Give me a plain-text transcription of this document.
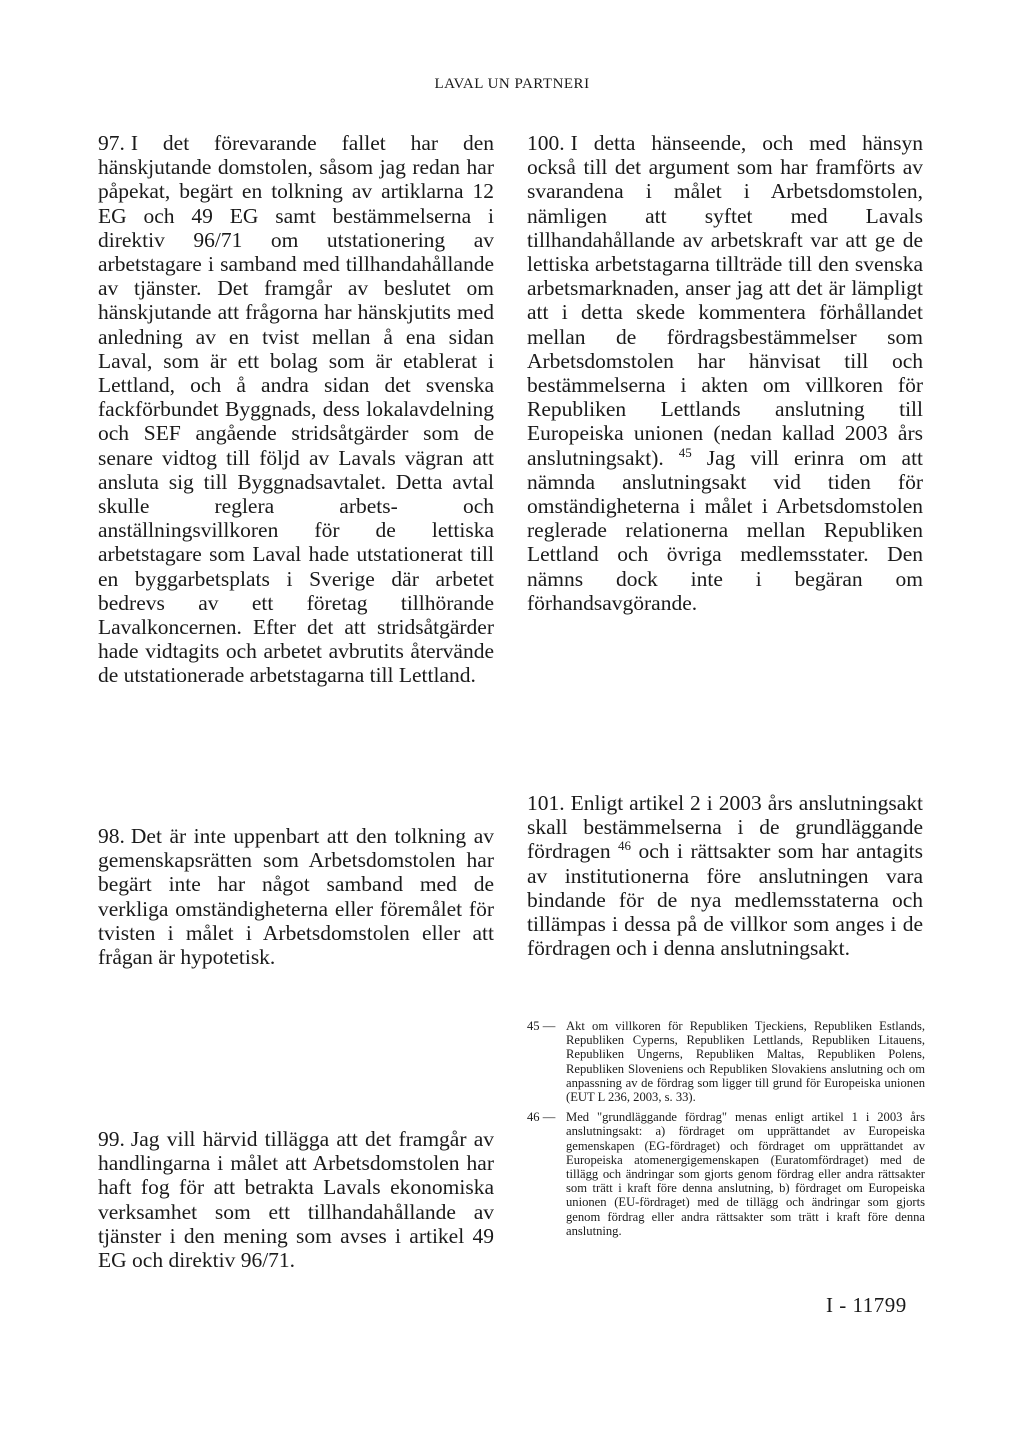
LAVAL UN PARTNERI

97. I det förevarande fallet har den hänskjutande domstolen, såsom jag redan har påpekat, begärt en tolkning av artiklarna 12 EG och 49 EG samt bestämmelserna i direktiv 96/71 om utstationering av arbetstagare i samband med tillhandahållande av tjänster. Det framgår av beslutet om hänskjutande att frågorna har hänskjutits med anledning av en tvist mellan å ena sidan Laval, som är ett bolag som är etablerat i Lettland, och å andra sidan det svenska fackförbundet Byggnads, dess lokalavdelning och SEF angående stridsåtgärder som de senare vidtog till följd av Lavals vägran att ansluta sig till Byggnadsavtalet. Detta avtal skulle reglera arbets- och anställningsvillkoren för de lettiska arbetstagare som Laval hade utstationerat till en byggarbetsplats i Sverige där arbetet bedrevs av ett företag tillhörande Lavalkoncernen. Efter det att stridsåtgärder hade vidtagits och arbetet avbrutits återvände de utstationerade arbetstagarna till Lettland.

100. I detta hänseende, och med hänsyn också till det argument som har framförts av svarandena i målet i Arbetsdomstolen, nämligen att syftet med Lavals tillhandahållande av arbetskraft var att ge de lettiska arbetstagarna tillträde till den svenska arbetsmarknaden, anser jag att det är lämpligt att i detta skede kommentera förhållandet mellan de fördragsbestämmelser som Arbetsdomstolen har hänvisat till och bestämmelserna i akten om villkoren för Republiken Lettlands anslutning till Europeiska unionen (nedan kallad 2003 års anslutningsakt). $^{45}$ Jag vill erinra om att nämnda anslutningsakt vid tiden för omständigheterna i målet i Arbetsdomstolen reglerade relationerna mellan Republiken Lettland och övriga medlemsstater. Den nämns dock inte i begäran om förhandsavgörande.

101. Enligt artikel 2 i 2003 års anslutningsakt skall bestämmelserna i de grundläggande fördragen $^{46}$ och i rättsakter som har antagits av institutionerna före anslutningen vara bindande för de nya medlemsstaterna och tillämpas i dessa på de villkor som anges i de fördragen och i denna anslutningsakt.

98. Det är inte uppenbart att den tolkning av gemenskapsrätten som Arbetsdomstolen har begärt inte har något samband med de verkliga omständigheterna eller föremålet för tvisten i målet i Arbetsdomstolen eller att frågan är hypotetisk.

99. Jag vill härvid tillägga att det framgår av handlingarna i målet att Arbetsdomstolen har haft fog för att betrakta Lavals ekonomiska verksamhet som ett tillhandahållande av tjänster i den mening som avses i artikel 49 EG och direktiv 96/71.

45 — Akt om villkoren för Republiken Tjeckiens, Republiken Estlands, Republiken Cyperns, Republiken Lettlands, Republiken Litauens, Republiken Ungerns, Republiken Maltas, Republiken Polens, Republiken Sloveniens och Republiken Slovakiens anslutning och om anpassning av de fördrag som ligger till grund för Europeiska unionen (EUT L 236, 2003, s. 33).
46 — Med "grundläggande fördrag" menas enligt artikel 1 i 2003 års anslutningsakt: a) fördraget om upprättandet av Europeiska gemenskapen (EG-fördraget) och fördraget om upprättandet av Europeiska atomenergigemenskapen (Euratomfördraget) med de tillägg och ändringar som gjorts genom fördrag eller andra rättsakter som trätt i kraft före denna anslutning, b) fördraget om Europeiska unionen (EU-fördraget) med de tillägg och ändringar som gjorts genom fördrag eller andra rättsakter som trätt i kraft före denna anslutning.
I - 11799
